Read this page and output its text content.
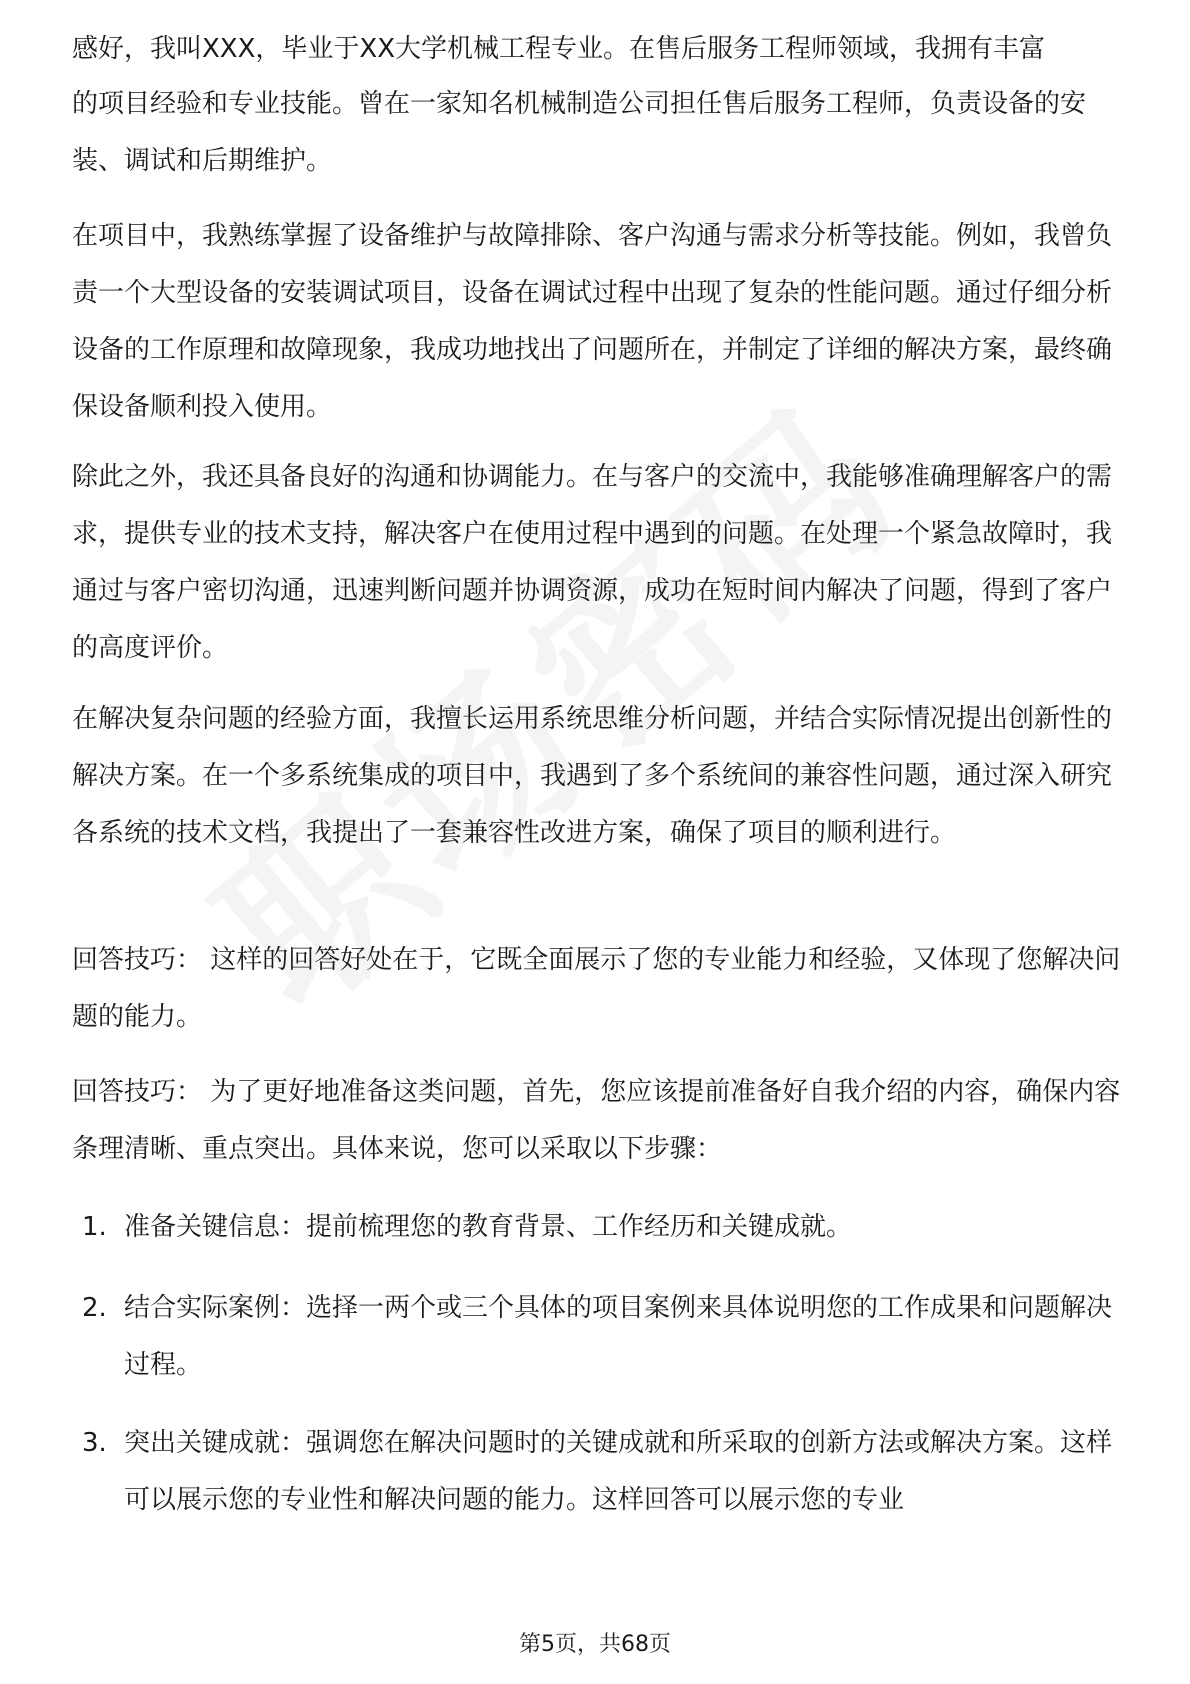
感好，我叫XXX，毕业于XX大学机械工程专业。在售后服务工程师领域，我拥有丰富

的项目经验和专业技能。曾在一家知名机械制造公司担任售后服务工程师，负责设备的安装、调试和后期维护。

在项目中，我熟练掌握了设备维护与故障排除、客户沟通与需求分析等技能。例如，我曾负责一个大型设备的安装调试项目，设备在调试过程中出现了复杂的性能问题。通过仔细分析设备的工作原理和故障现象，我成功地找出了问题所在，并制定了详细的解决方案，最终确保设备顺利投入使用。

除此之外，我还具备良好的沟通和协调能力。在与客户的交流中，我能够准确理解客户的需求，提供专业的技术支持，解决客户在使用过程中遇到的问题。在处理一个紧急故障时，我通过与客户密切沟通，迅速判断问题并协调资源，成功在短时间内解决了问题，得到了客户的高度评价。

在解决复杂问题的经验方面，我擅长运用系统思维分析问题，并结合实际情况提出创新性的解决方案。在一个多系统集成的项目中，我遇到了多个系统间的兼容性问题，通过深入研究各系统的技术文档，我提出了一套兼容性改进方案，确保了项目的顺利进行。

回答技巧： 这样的回答好处在于，它既全面展示了您的专业能力和经验，又体现了您解决问题的能力。

回答技巧： 为了更好地准备这类问题，首先，您应该提前准备好自我介绍的内容，确保内容条理清晰、重点突出。具体来说，您可以采取以下步骤：

1. 准备关键信息：提前梳理您的教育背景、工作经历和关键成就。
2. 结合实际案例：选择一两个或三个具体的项目案例来具体说明您的工作成果和问题解决过程。
3. 突出关键成就：强调您在解决问题时的关键成就和所采取的创新方法或解决方案。这样可以展示您的专业性和解决问题的能力。这样回答可以展示您的专业
第5页，共68页
